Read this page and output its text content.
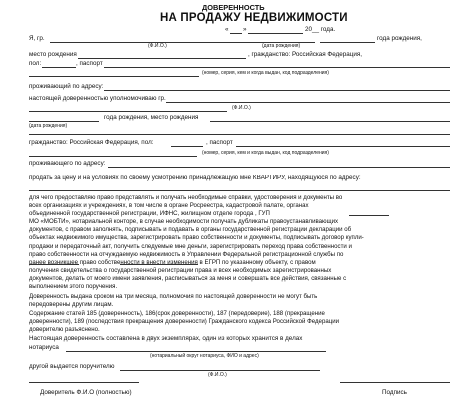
ДОВЕРЕННОСТЬ
НА ПРОДАЖУ НЕДВИЖИМОСТИ
« »	20__ года.
Я, гр.	года рождения,
(Ф.И.О.)	(дата рождения)
место рождения	, гражданство: Российская Федерация,
пол:	, паспорт
(номер, серия, кем и когда выдан, код подразделения)
проживающий по адресу:
настоящей доверенностью уполномочиваю гр.
(Ф.И.О.)
года рождения, место рождения
(дата рождения)
гражданство: Российская Федерация, пол:	, паспорт
(номер, серия, кем и когда выдан, код подразделения)
проживающего по адресу:
продать за цену и на условиях по своему усмотрению принадлежащую мне КВАРТИРУ, находящуюся по адресу:
для чего предоставляю право представлять и получать необходимые справки, удостоверения и документы во
всех организациях и учреждениях, в том числе в органе Росреестра, кадастровой палате, органах
объединенной государственной регистрации, ИФНС, жилищном отделе города , ГУП
МО «МОБТИ», нотариальной конторе, в случае необходимости получать дубликаты правоустанавливающих
документов, с правом заполнять, подписывать и подавать в органы государственной регистрации декларации об
объектах недвижимого имущества, зарегистрировать право собственности и документы, подписывать договор купли-
продажи и передаточный акт, получить следуемые мне деньги, зарегистрировать переход права собственности и
право собственности на отчуждаемую недвижимость в Управлении Федеральной регистрационной службы по
ранее возникшее право собственности в внести изменения в ЕГРП по указанному объекту, с правом
получения свидетельства о государственной регистрации права и всех необходимых зарегистрированных
документов, делать от моего имени заявления, расписываться за меня и совершать все действия, связанные с
выполнением этого поручения.
Доверенность выдана сроком на три месяца, полномочия по настоящей доверенности не могут быть
передоверены другим лицам.
Содержание статей 185 (доверенность), 186(срок доверенности), 187 (передоверие), 188 (прекращение
доверенности), 189 (последствия прекращения доверенности) Гражданского кодекса Российской Федерации
доверителю разъяснено.
Настоящая доверенность составлена в двух экземплярах, один из которых хранится в делах
нотариуса
(нотариальный округ нотариуса, ФИО и адрес)
другой выдается поручителю
(Ф.И.О.)
Доверитель Ф.И.О (полностью)	Подпись
